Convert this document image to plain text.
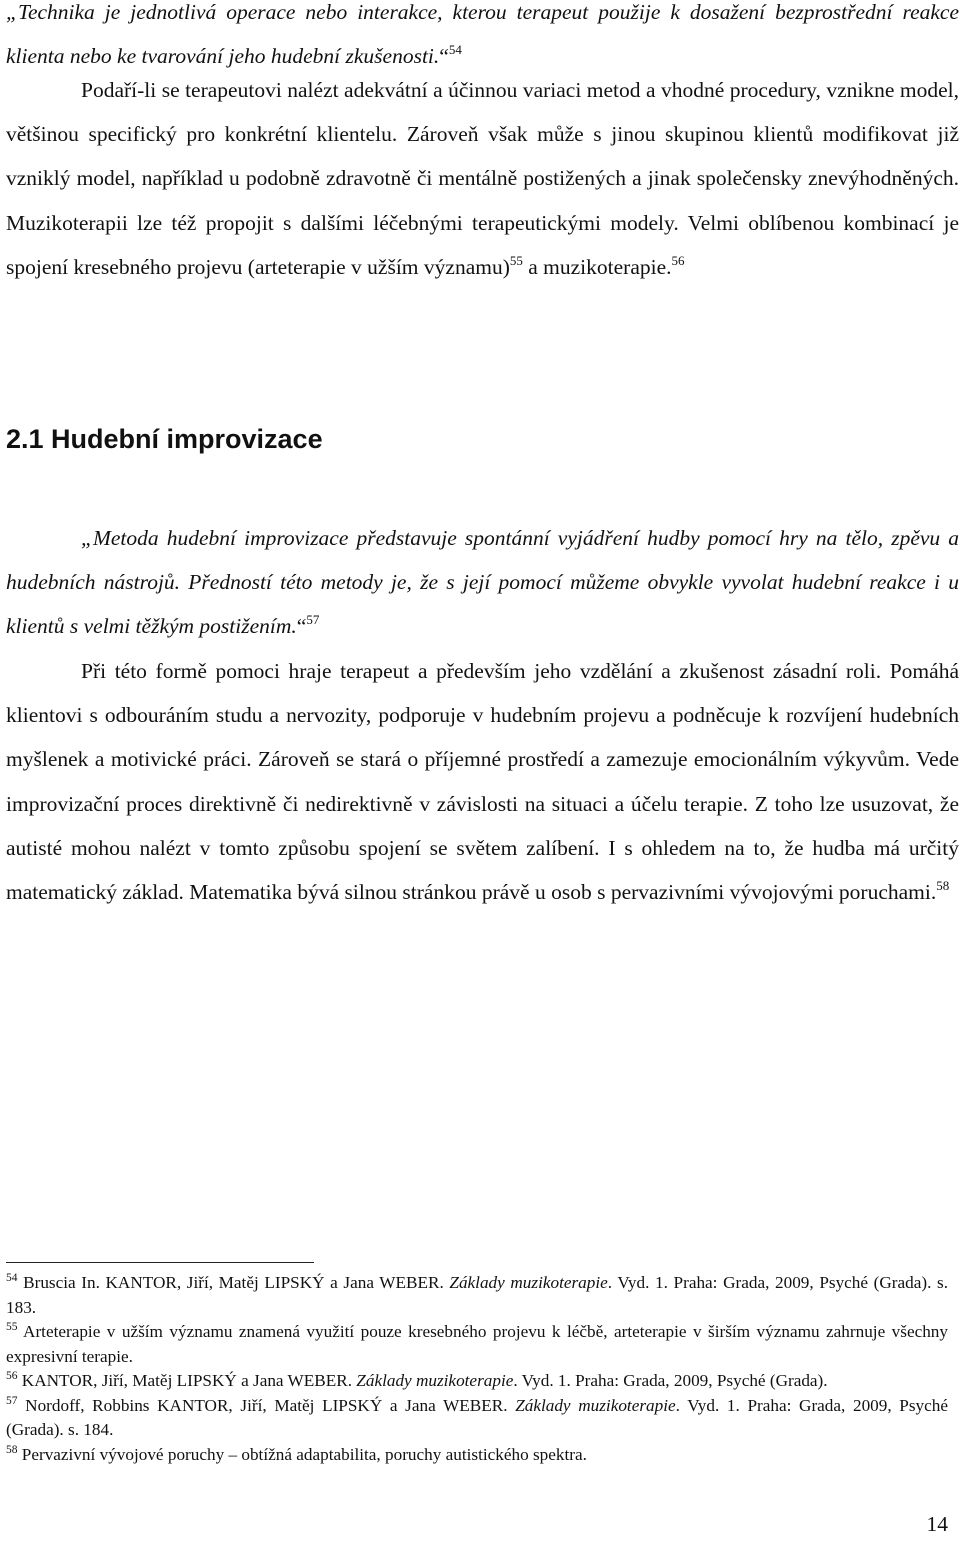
„Technika je jednotlivá operace nebo interakce, kterou terapeut použije k dosažení bezprostřední reakce klienta nebo ke tvarování jeho hudební zkušenosti.“$^{54}$

Podaří-li se terapeutovi nalézt adekvátní a účinnou variaci metod a vhodné procedury, vznikne model, většinou specifický pro konkrétní klientelu. Zároveň však může s jinou skupinou klientů modifikovat již vzniklý model, například u podobně zdravotně či mentálně postižených a jinak společensky znevýhodněných. Muzikoterapii lze též propojit s dalšími léčebnými terapeutickými modely. Velmi oblíbenou kombinací je spojení kresebného projevu (arteterapie v užším významu)$^{55}$ a muzikoterapie.$^{56}$

2.1 Hudební improvizace

„Metoda hudební improvizace představuje spontánní vyjádření hudby pomocí hry na tělo, zpěvu a hudebních nástrojů. Předností této metody je, že s její pomocí můžeme obvykle vyvolat hudební reakce i u klientů s velmi těžkým postižením.“$^{57}$

Při této formě pomoci hraje terapeut a především jeho vzdělání a zkušenost zásadní roli. Pomáhá klientovi s odbouráním studu a nervozity, podporuje v hudebním projevu a podněcuje k rozvíjení hudebních myšlenek a motivické práci. Zároveň se stará o příjemné prostředí a zamezuje emocionálním výkyvům. Vede improvizační proces direktivně či nedirektivně v závislosti na situaci a účelu terapie. Z toho lze usuzovat, že autisté mohou nalézt v tomto způsobu spojení se světem zalíbení. I s ohledem na to, že hudba má určitý matematický základ. Matematika bývá silnou stránkou právě u osob s pervazivními vývojovými poruchami.$^{58}$

$^{54}$ Bruscia In. KANTOR, Jiří, Matěj LIPSKÝ a Jana WEBER. Základy muzikoterapie. Vyd. 1. Praha: Grada, 2009, Psyché (Grada). s. 183.

$^{55}$ Arteterapie v užším významu znamená využití pouze kresebného projevu k léčbě, arteterapie v širším významu zahrnuje všechny expresivní terapie.

$^{56}$ KANTOR, Jiří, Matěj LIPSKÝ a Jana WEBER. Základy muzikoterapie. Vyd. 1. Praha: Grada, 2009, Psyché (Grada).

$^{57}$ Nordoff, Robbins KANTOR, Jiří, Matěj LIPSKÝ a Jana WEBER. Základy muzikoterapie. Vyd. 1. Praha: Grada, 2009, Psyché (Grada). s. 184.

$^{58}$ Pervazivní vývojové poruchy – obtížná adaptabilita, poruchy autistického spektra.

14
